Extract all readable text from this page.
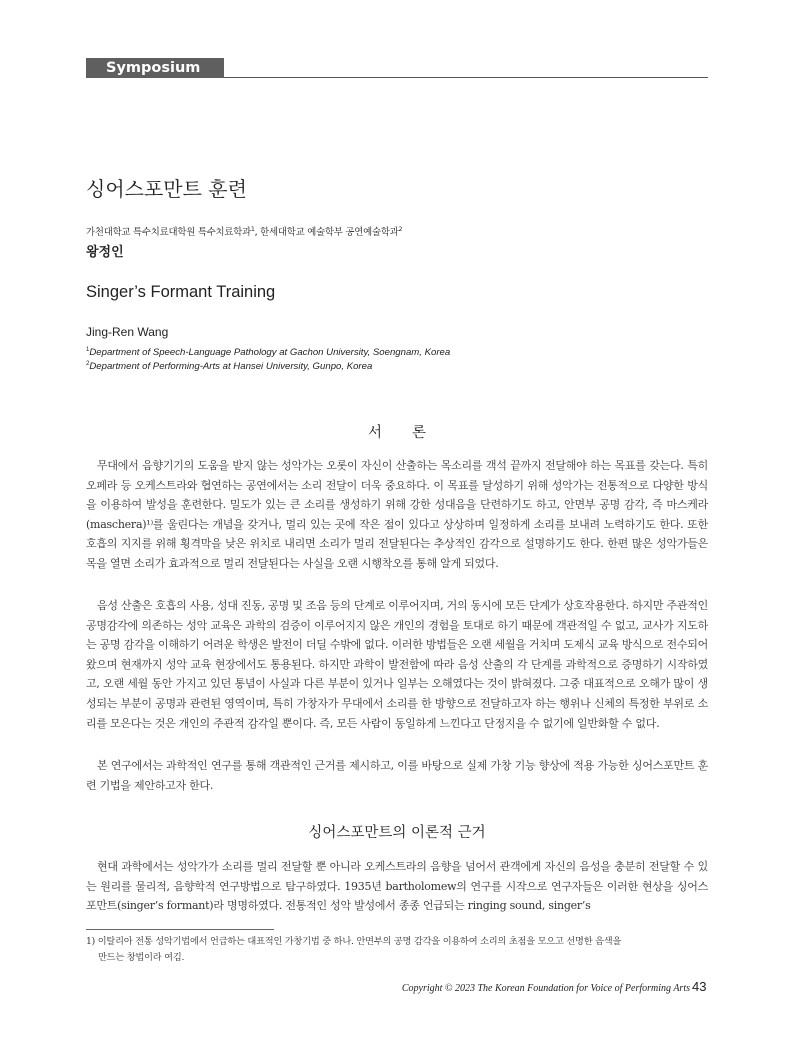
Symposium
싱어스포만트 훈련
가천대학교 특수치료대학원 특수치료학과$^1$, 한세대학교 예술학부 공연예술학과$^2$
왕정인
Singer’s Formant Training
Jing-Ren Wang
$^1$Department of Speech-Language Pathology at Gachon University, Soengnam, Korea
$^2$Department of Performing-Arts at Hansei University, Gunpo, Korea
서론

무대에서 음향기기의 도움을 받지 않는 성악가는 오롯이 자신이 산출하는 목소리를 객석 끝까지 전달해야 하는 목표를 갖는다. 특히 오페라 등 오케스트라와 협연하는 공연에서는 소리 전달이 더욱 중요하다. 이 목표를 달성하기 위해 성악가는 전통적으로 다양한 방식을 이용하여 발성을 훈련한다. 밀도가 있는 큰 소리를 생성하기 위해 강한 성대음을 단련하기도 하고, 안면부 공명 감각, 즉 마스케라(maschera)¹⁾를 울린다는 개념을 갖거나, 멀리 있는 곳에 작은 점이 있다고 상상하며 일정하게 소리를 보내려 노력하기도 한다. 또한 호흡의 지지를 위해 횡격막을 낮은 위치로 내리면 소리가 멀리 전달된다는 추상적인 감각으로 설명하기도 한다. 한편 많은 성악가들은 목을 열면 소리가 효과적으로 멀리 전달된다는 사실을 오랜 시행착오를 통해 알게 되었다.

음성 산출은 호흡의 사용, 성대 진동, 공명 및 조음 등의 단계로 이루어지며, 거의 동시에 모든 단계가 상호작용한다. 하지만 주관적인 공명감각에 의존하는 성악 교육은 과학의 검증이 이루어지지 않은 개인의 경험을 토대로 하기 때문에 객관적일 수 없고, 교사가 지도하는 공명 감각을 이해하기 어려운 학생은 발전이 더딜 수밖에 없다. 이러한 방법들은 오랜 세월을 거치며 도제식 교육 방식으로 전수되어 왔으며 현재까지 성악 교육 현장에서도 통용된다. 하지만 과학이 발전함에 따라 음성 산출의 각 단계를 과학적으로 증명하기 시작하였고, 오랜 세월 동안 가지고 있던 통념이 사실과 다른 부분이 있거나 일부는 오해였다는 것이 밝혀졌다. 그중 대표적으로 오해가 많이 생성되는 부분이 공명과 관련된 영역이며, 특히 가창자가 무대에서 소리를 한 방향으로 전달하고자 하는 행위나 신체의 특정한 부위로 소리를 모은다는 것은 개인의 주관적 감각일 뿐이다. 즉, 모든 사람이 동일하게 느낀다고 단정지을 수 없기에 일반화할 수 없다.

본 연구에서는 과학적인 연구를 통해 객관적인 근거를 제시하고, 이를 바탕으로 실제 가창 기능 향상에 적용 가능한 싱어스포만트 훈련 기법을 제안하고자 한다.

싱어스포만트의 이론적 근거

현대 과학에서는 성악가가 소리를 멀리 전달할 뿐 아니라 오케스트라의 음향을 넘어서 관객에게 자신의 음성을 충분히 전달할 수 있는 원리를 물리적, 음향학적 연구방법으로 탐구하였다. 1935년 bartholomew의 연구를 시작으로 연구자들은 이러한 현상을 싱어스포만트(singer’s formant)라 명명하였다. 전통적인 성악 발성에서 종종 언급되는 ringing sound, singer’s

1) 이탈리아 전통 성악기법에서 언급하는 대표적인 가창기법 중 하나. 안면부의 공명 감각을 이용하여 소리의 초점을 모으고 선명한 음색을
만드는 창법이라 여김.
Copyright © 2023 The Korean Foundation for Voice of Performing Arts 43
